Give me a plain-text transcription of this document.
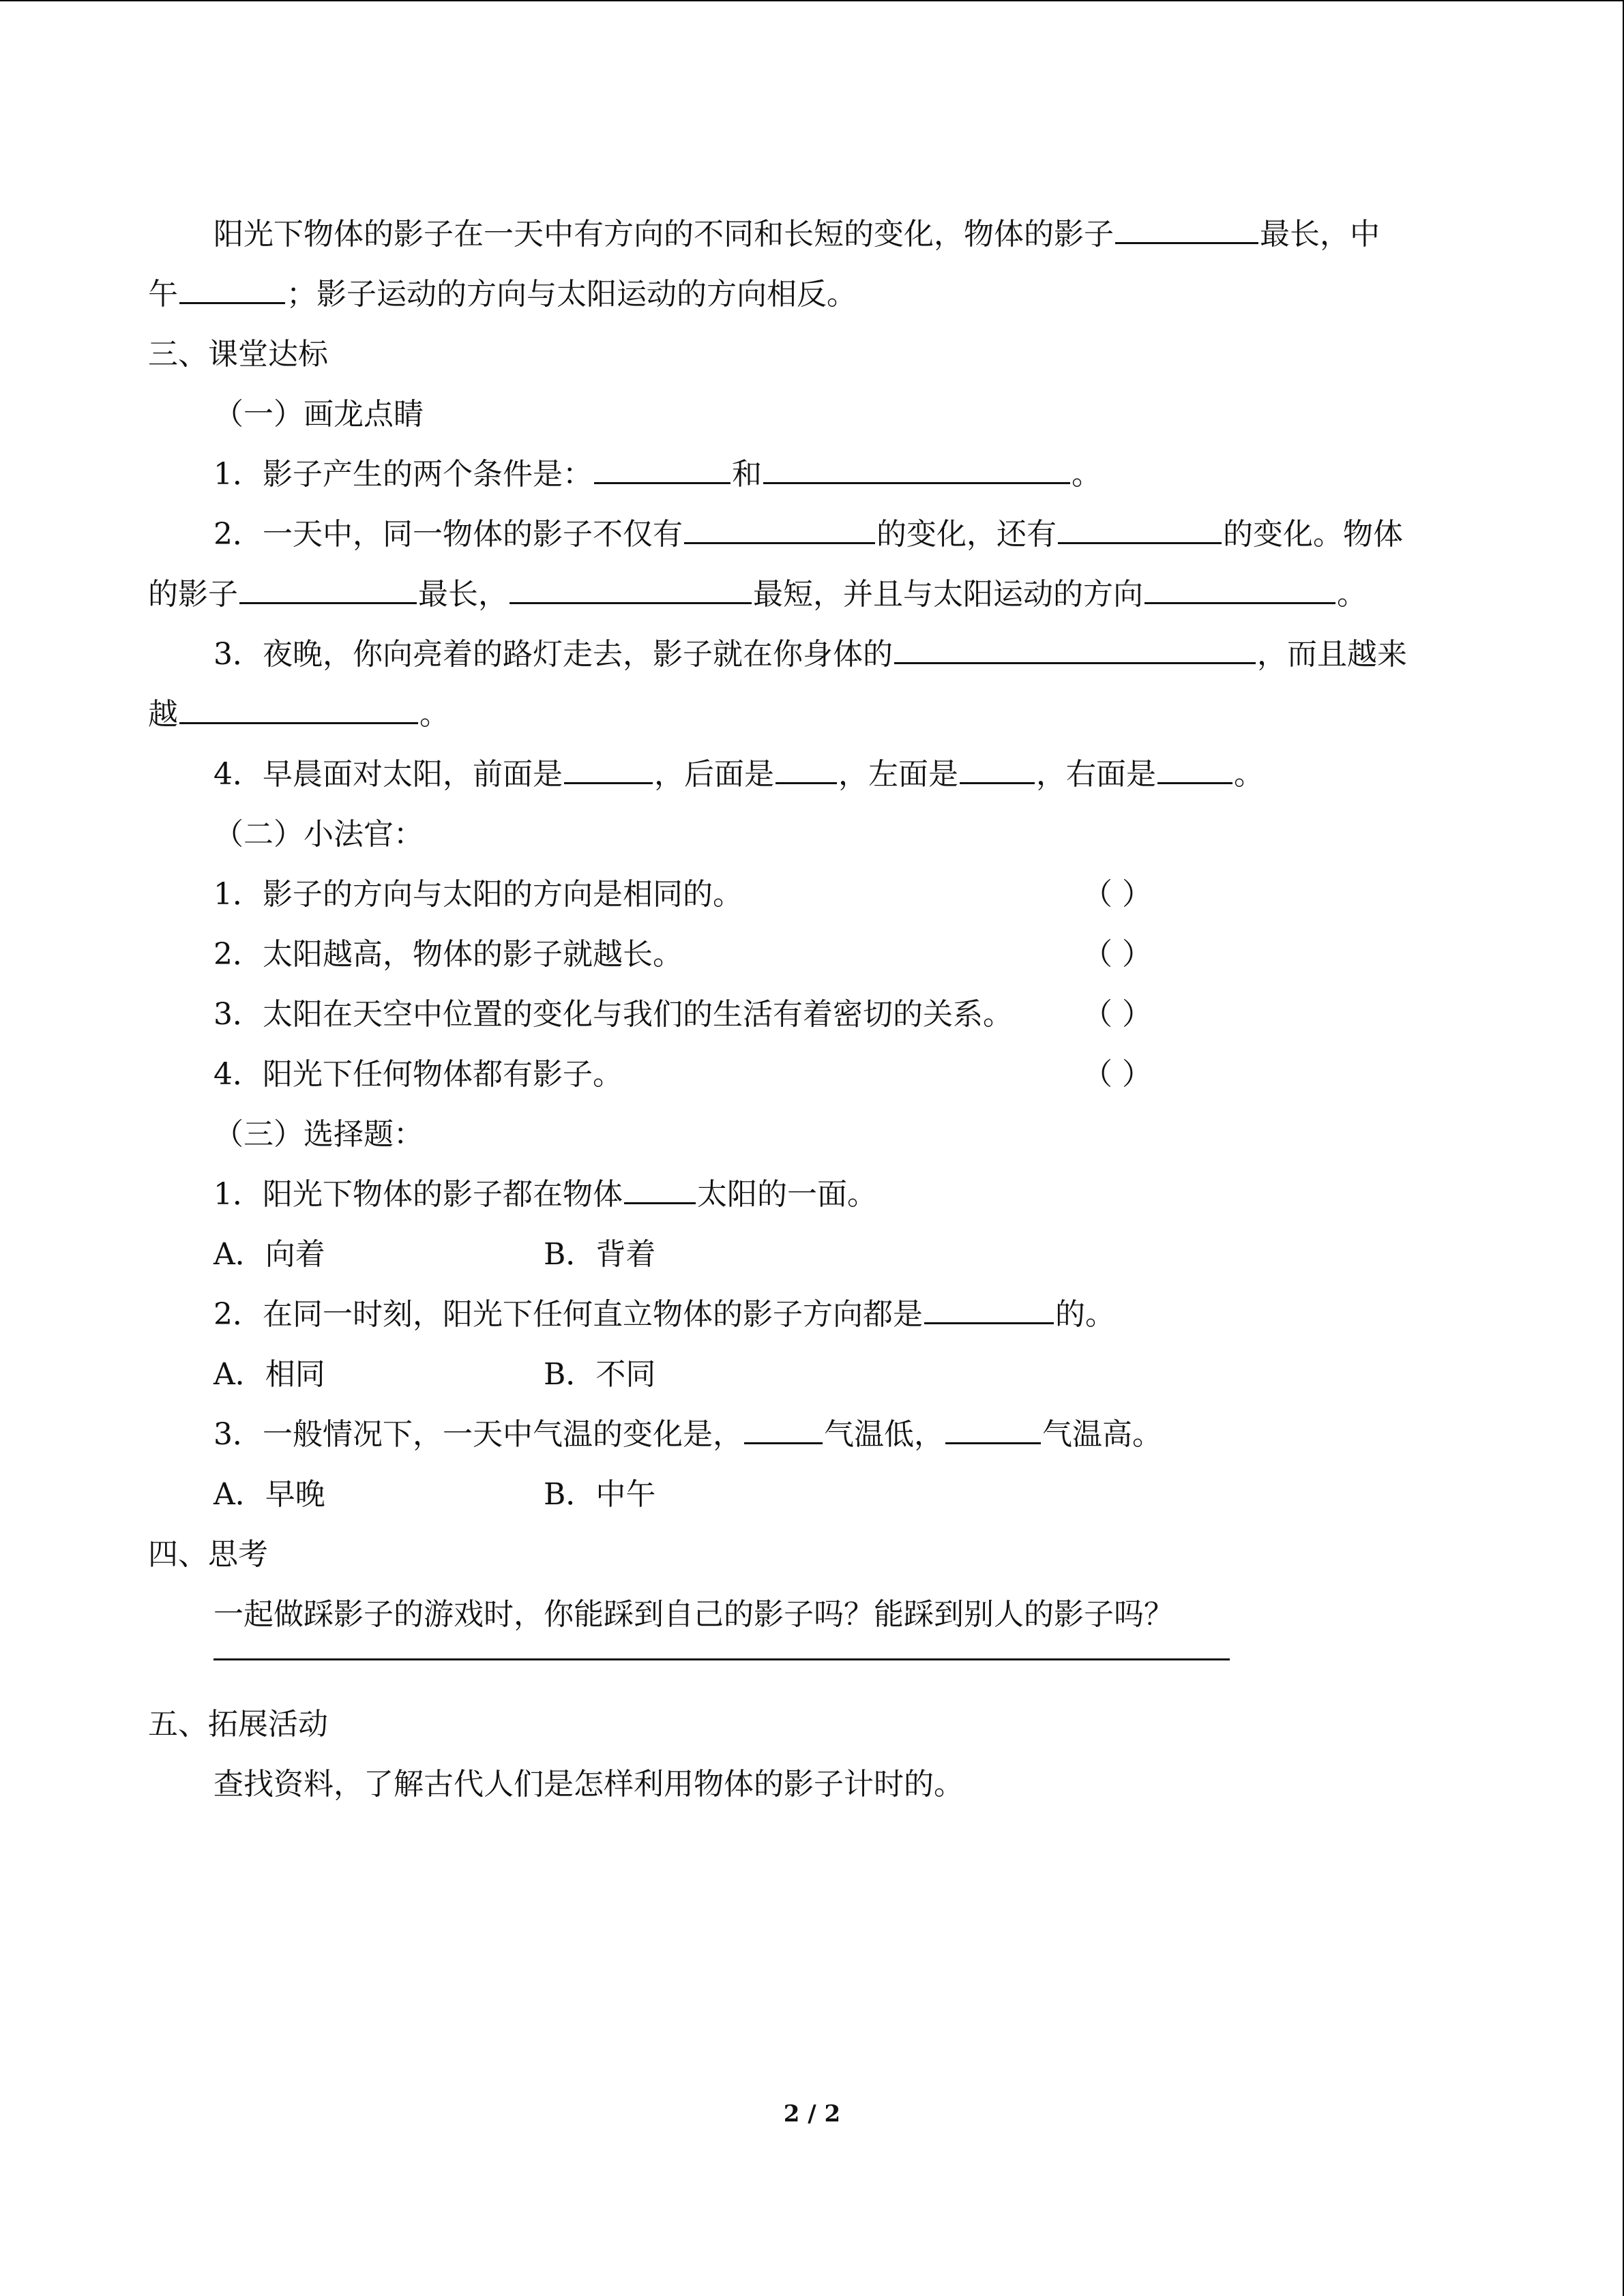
阳光下物体的影子在一天中有方向的不同和长短的变化，物体的影子	最长，中
午	；影子运动的方向与太阳运动的方向相反。
三、课堂达标
（一）画龙点睛
1．影子产生的两个条件是：	和	。
2．一天中，同一物体的影子不仅有	的变化，还有	的变化。物体
的影子	最长，	最短，并且与太阳运动的方向	。
3．夜晚，你向亮着的路灯走去，影子就在你身体的	，而且越来
越	。
4．早晨面对太阳，前面是	，后面是 ，左面是	，右面是	。
（二）小法官：
1．影子的方向与太阳的方向是相同的。	（ ）
2．太阳越高，物体的影子就越长。	（ ）
3．太阳在天空中位置的变化与我们的生活有着密切的关系。 （ ）
4．阳光下任何物体都有影子。	（ ）
（三）选择题：
1．阳光下物体的影子都在物体 太阳的一面。
A．向着	B．背着
2．在同一时刻，阳光下任何直立物体的影子方向都是	的。
A．相同	B．不同
3．一般情况下，一天中气温的变化是，	气温低，	气温高。
A．早晚	B．中午
四、思考
一起做踩影子的游戏时，你能踩到自己的影子吗？能踩到别人的影子吗？
五、拓展活动
查找资料，了解古代人们是怎样利用物体的影子计时的。
2 / 2
